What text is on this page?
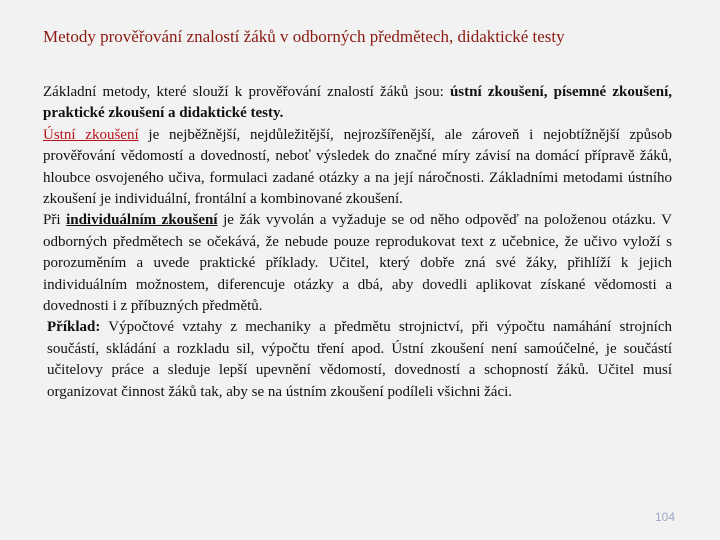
Metody prověřování znalostí žáků v odborných předmětech, didaktické testy

Základní metody, které slouží k prověřování znalostí žáků jsou: ústní zkoušení, písemné zkoušení, praktické zkoušení a didaktické testy.

Ústní zkoušení je nejběžnější, nejdůležitější, nejrozšířenější, ale zároveň i nejobtížnější způsob prověřování vědomostí a dovedností, neboť výsledek do značné míry závisí na domácí přípravě žáků, hloubce osvojeného učiva, formulaci zadané otázky a na její náročnosti. Základními metodami ústního zkoušení je individuální, frontální a kombinované zkoušení.

Při individuálním zkoušení je žák vyvolán a vyžaduje se od něho odpověď na položenou otázku. V odborných předmětech se očekává, že nebude pouze reprodukovat text z učebnice, že učivo vyloží s porozuměním a uvede praktické příklady. Učitel, který dobře zná své žáky, přihlíží k jejich individuálním možnostem, diferencuje otázky a dbá, aby dovedli aplikovat získané vědomosti a dovednosti i z příbuzných předmětů.

Příklad: Výpočtové vztahy z mechaniky a předmětu strojnictví, při výpočtu namáhání strojních součástí, skládání a rozkladu sil, výpočtu tření apod. Ústní zkoušení není samoúčelné, je součástí učitelovy práce a sleduje lepší upevnění vědomostí, dovedností a schopností žáků. Učitel musí organizovat činnost žáků tak, aby se na ústním zkoušení podíleli všichni žáci.

104
